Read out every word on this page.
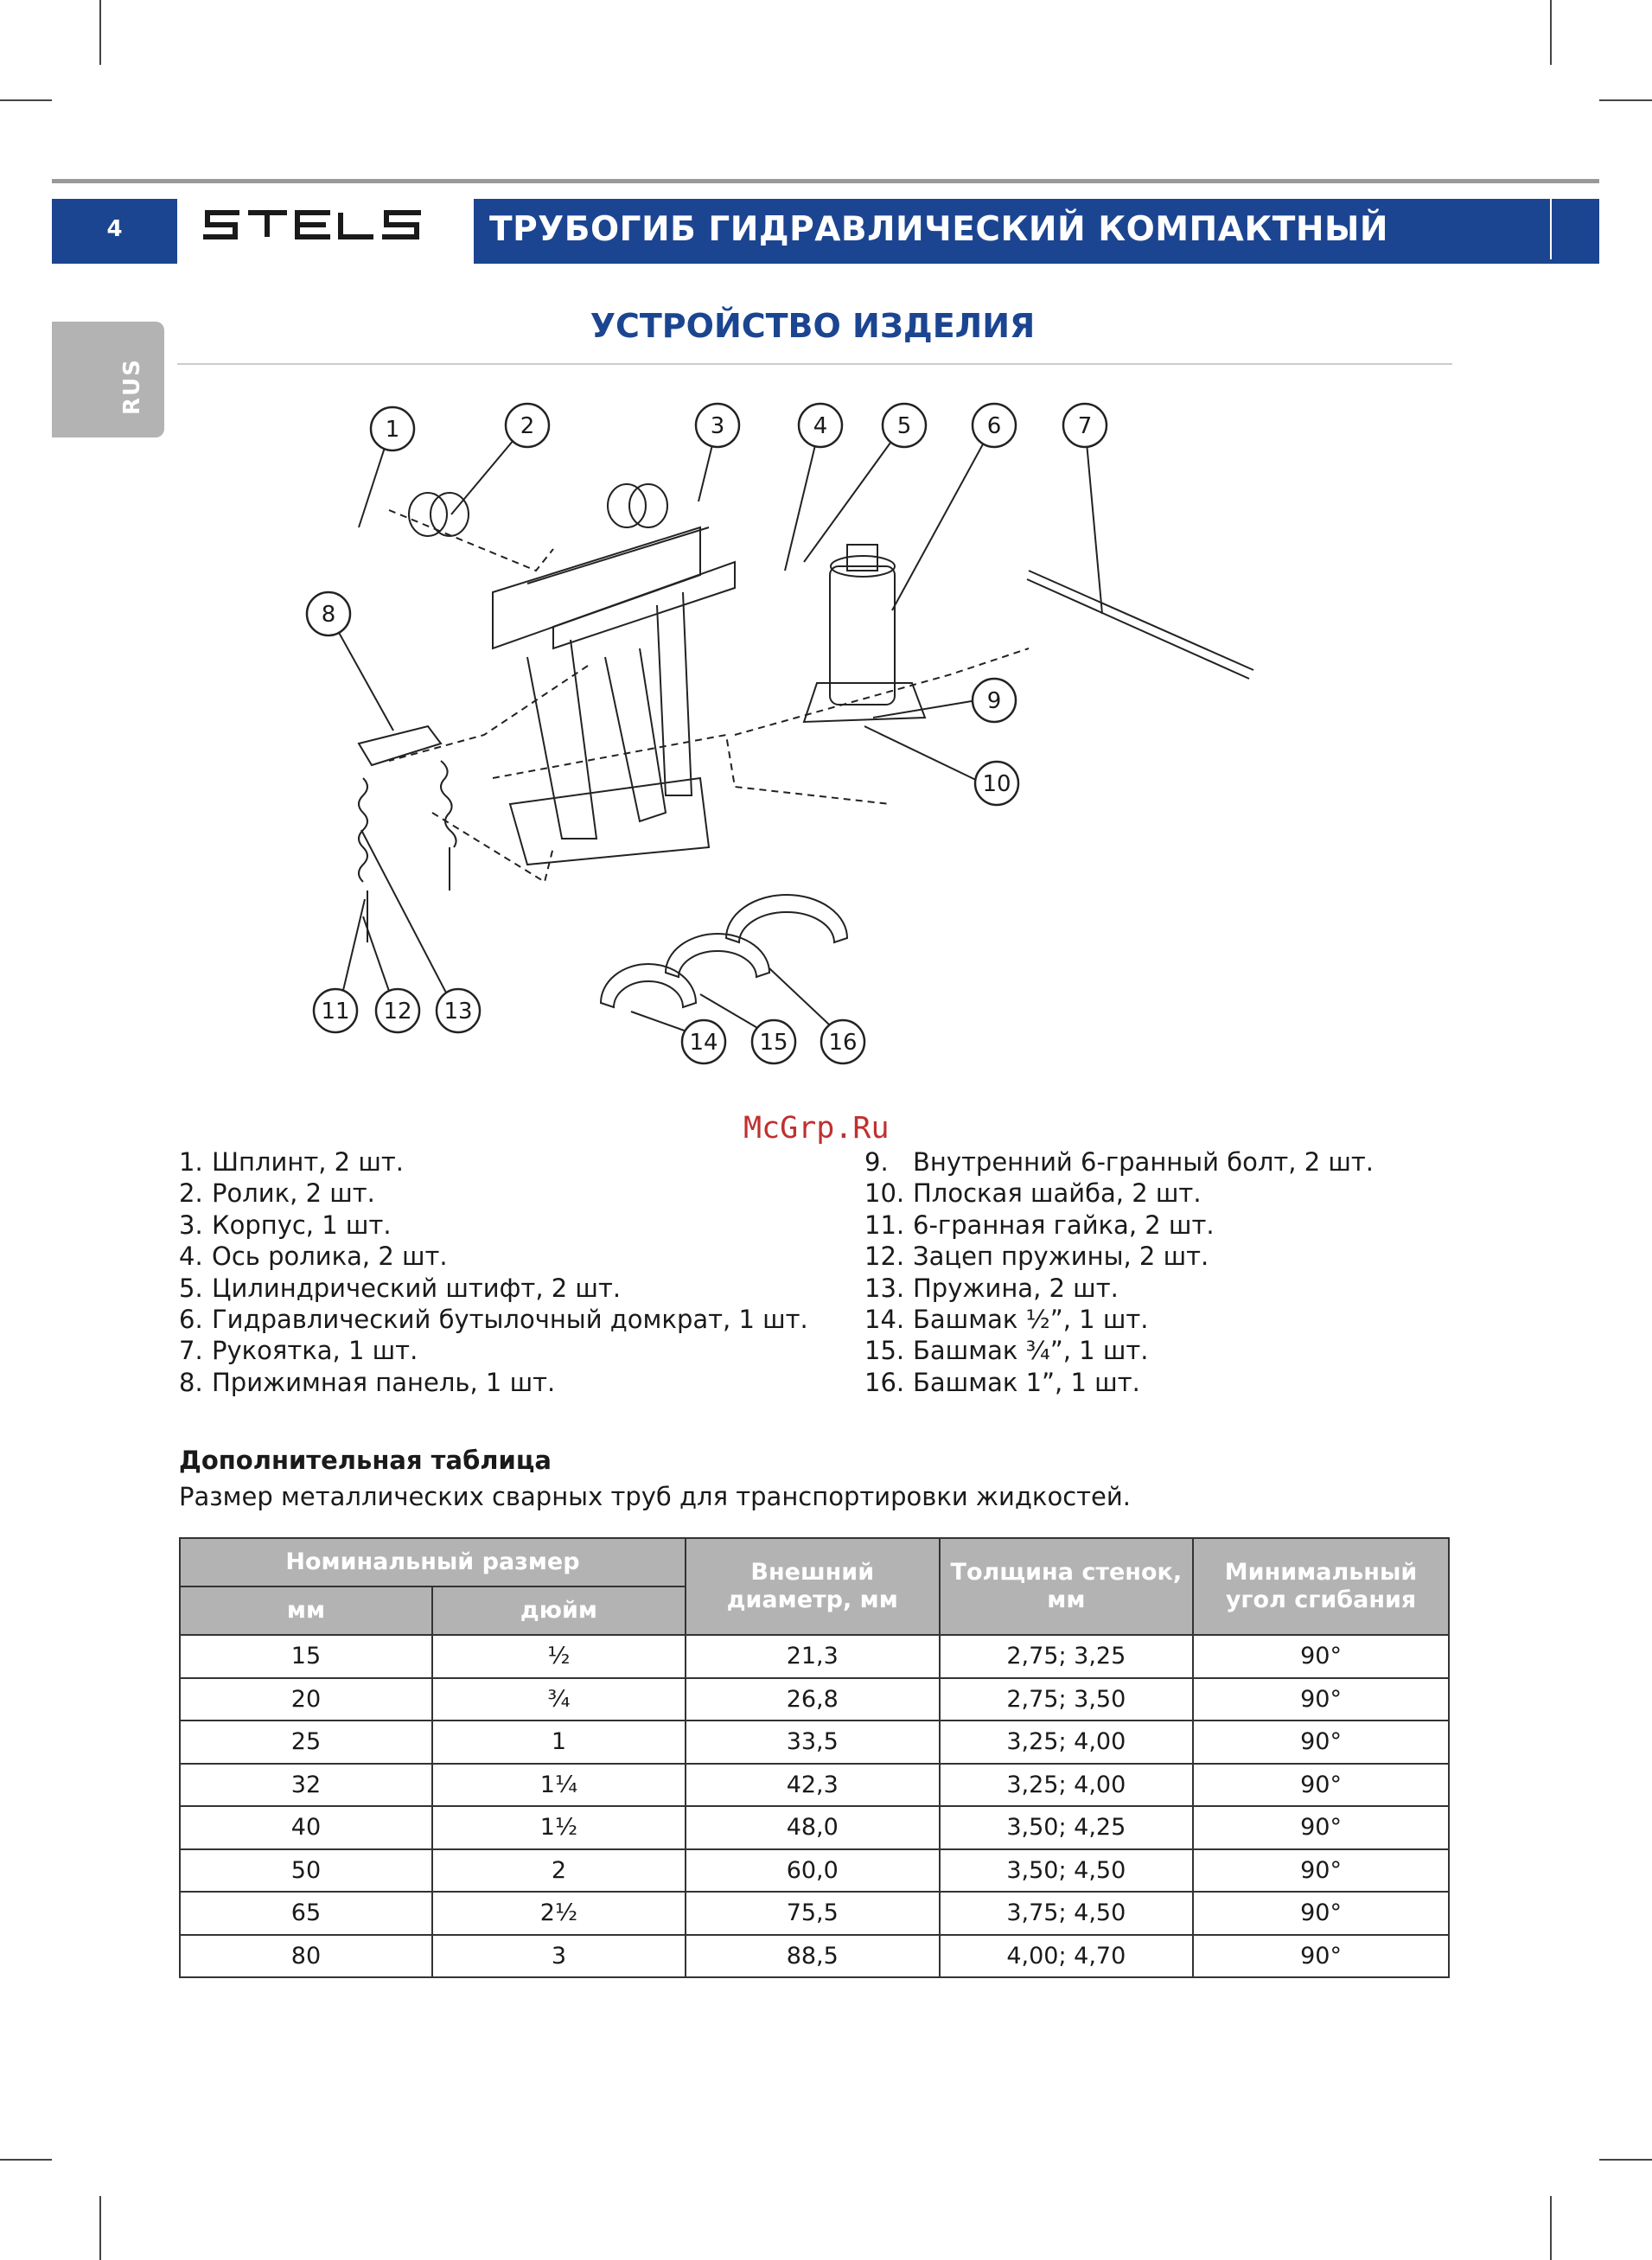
4	ТРУБОГИБ ГИДРАВЛИЧЕСКИЙ КОМПАКТНЫЙ
RUS
УСТРОЙСТВО ИЗДЕЛИЯ
1	2	3	4	5	6	7
8
9
10
11 12 13
14 15 16
McGrp.Ru
1. Шплинт, 2 шт.
2. Ролик, 2 шт.
3. Корпус, 1 шт.
4. Ось ролика, 2 шт.
5. Цилиндрический штифт, 2 шт.
6. Гидравлический бутылочный домкрат, 1 шт.
7. Рукоятка, 1 шт.
8. Прижимная панель, 1 шт.
9. Внутренний 6-гранный болт, 2 шт.
10. Плоская шайба, 2 шт.
11. 6-гранная гайка, 2 шт.
12. Зацеп пружины, 2 шт.
13. Пружина, 2 шт.
14. Башмак ½”, 1 шт.
15. Башмак ¾”, 1 шт.
16. Башмак 1”, 1 шт.
Дополнительная таблица
Размер металлических сварных труб для транспортировки жидкостей.
Номинальный размер		Внешний диаметр, мм	Толщина стенок, мм	Минимальный угол сгибания
мм	дюйм			
15	½	21,3	2,75; 3,25	90°
20	¾	26,8	2,75; 3,50	90°
25	1	33,5	3,25; 4,00	90°
32	1¼	42,3	3,25; 4,00	90°
40	1½	48,0	3,50; 4,25	90°
50	2	60,0	3,50; 4,50	90°
65	2½	75,5	3,75; 4,50	90°
80	3	88,5	4,00; 4,70	90°
